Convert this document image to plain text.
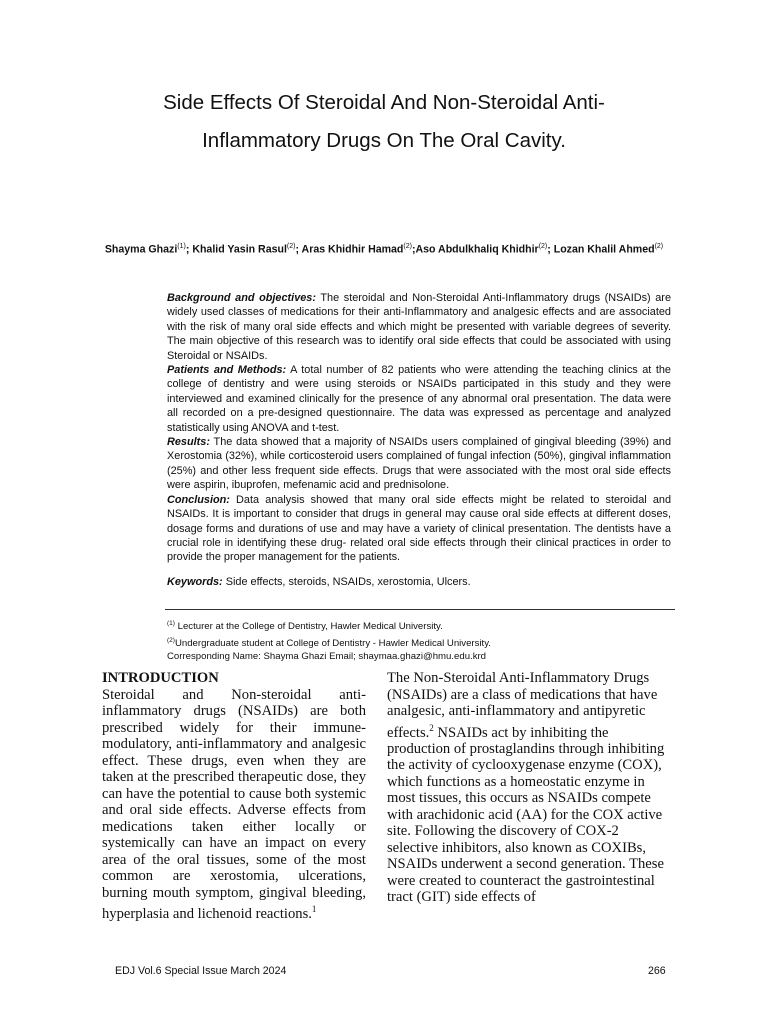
Side Effects Of Steroidal And Non-Steroidal Anti-
Inflammatory Drugs On The Oral Cavity.
Shayma Ghazi$^{(1)}$; Khalid Yasin Rasul$^{(2)}$; Aras Khidhir Hamad$^{(2)}$;Aso Abdulkhaliq Khidhir$^{(2)}$; Lozan Khalil Ahmed$^{(2)}$

Background and objectives: The steroidal and Non-Steroidal Anti-Inflammatory drugs (NSAIDs) are widely used classes of medications for their anti-Inflammatory and analgesic effects and are associated with the risk of many oral side effects and which might be presented with variable degrees of severity. The main objective of this research was to identify oral side effects that could be associated with using Steroidal or NSAIDs.

Patients and Methods: A total number of 82 patients who were attending the teaching clinics at the college of dentistry and were using steroids or NSAIDs participated in this study and they were interviewed and examined clinically for the presence of any abnormal oral presentation. The data were all recorded on a pre-designed questionnaire. The data was expressed as percentage and analyzed statistically using ANOVA and t-test.

Results: The data showed that a majority of NSAIDs users complained of gingival bleeding (39%) and Xerostomia (32%), while corticosteroid users complained of fungal infection (50%), gingival inflammation (25%) and other less frequent side effects. Drugs that were associated with the most oral side effects were aspirin, ibuprofen, mefenamic acid and prednisolone.

Conclusion: Data analysis showed that many oral side effects might be related to steroidal and NSAIDs. It is important to consider that drugs in general may cause oral side effects at different doses, dosage forms and durations of use and may have a variety of clinical presentation. The dentists have a crucial role in identifying these drug- related oral side effects through their clinical practices in order to provide the proper management for the patients.

Keywords: Side effects, steroids, NSAIDs, xerostomia, Ulcers.

$^{(1)}$ Lecturer at the College of Dentistry, Hawler Medical University.
$^{(2)}$Undergraduate student at College of Dentistry - Hawler Medical University.
Corresponding Name: Shayma Ghazi Email; shaymaa.ghazi@hmu.edu.krd
INTRODUCTION

Steroidal and Non-steroidal anti-inflammatory drugs (NSAIDs) are both prescribed widely for their immune-modulatory, anti-inflammatory and analgesic effect. These drugs, even when they are taken at the prescribed therapeutic dose, they can have the potential to cause both systemic and oral side effects. Adverse effects from medications taken either locally or systemically can have an impact on every area of the oral tissues, some of the most common are xerostomia, ulcerations, burning mouth symptom, gingival bleeding, hyperplasia and lichenoid reactions.$^1$

The Non-Steroidal Anti-Inflammatory Drugs (NSAIDs) are a class of medications that have analgesic, anti-inflammatory and antipyretic effects.$^2$ NSAIDs act by inhibiting the production of prostaglandins through inhibiting the activity of cyclooxygenase enzyme (COX), which functions as a homeostatic enzyme in most tissues, this occurs as NSAIDs compete with arachidonic acid (AA) for the COX active site. Following the discovery of COX-2 selective inhibitors, also known as COXIBs, NSAIDs underwent a second generation. These were created to counteract the gastrointestinal tract (GIT) side effects of

EDJ Vol.6 Special Issue March 2024	266
